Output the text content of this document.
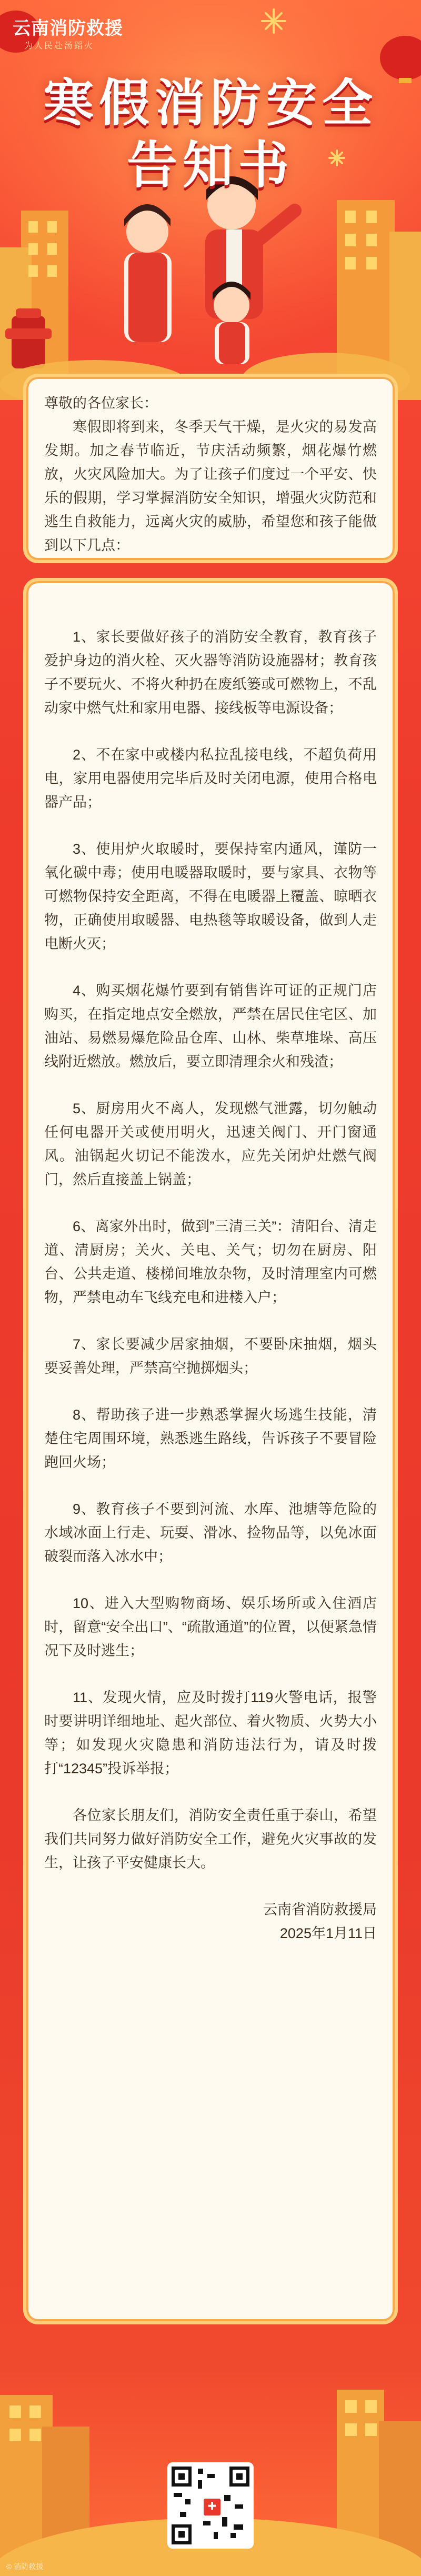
云南消防救援
为人民赴汤蹈火
寒假消防安全
告知书

尊敬的各位家长：

寒假即将到来，冬季天气干燥，是火灾的易发高发期。加之春节临近，节庆活动频繁，烟花爆竹燃放，火灾风险加大。为了让孩子们度过一个平安、快乐的假期，学习掌握消防安全知识，增强火灾防范和逃生自救能力，远离火灾的威胁，希望您和孩子能做到以下几点：

1、家长要做好孩子的消防安全教育，教育孩子爱护身边的消火栓、灭火器等消防设施器材；教育孩子不要玩火、不将火种扔在废纸篓或可燃物上，不乱动家中燃气灶和家用电器、接线板等电源设备；

2、不在家中或楼内私拉乱接电线，不超负荷用电，家用电器使用完毕后及时关闭电源，使用合格电器产品；

3、使用炉火取暖时，要保持室内通风，谨防一氧化碳中毒；使用电暖器取暖时，要与家具、衣物等可燃物保持安全距离，不得在电暖器上覆盖、晾晒衣物，正确使用取暖器、电热毯等取暖设备，做到人走电断火灭；

4、购买烟花爆竹要到有销售许可证的正规门店购买，在指定地点安全燃放，严禁在居民住宅区、加油站、易燃易爆危险品仓库、山林、柴草堆垛、高压线附近燃放。燃放后，要立即清理余火和残渣；

5、厨房用火不离人，发现燃气泄露，切勿触动任何电器开关或使用明火，迅速关阀门、开门窗通风。油锅起火切记不能泼水，应先关闭炉灶燃气阀门，然后直接盖上锅盖；

6、离家外出时，做到”三清三关”：清阳台、清走道、清厨房；关火、关电、关气；切勿在厨房、阳台、公共走道、楼梯间堆放杂物，及时清理室内可燃物，严禁电动车飞线充电和进楼入户；

7、家长要减少居家抽烟，不要卧床抽烟，烟头要妥善处理，严禁高空抛掷烟头；

8、帮助孩子进一步熟悉掌握火场逃生技能，清楚住宅周围环境，熟悉逃生路线，告诉孩子不要冒险跑回火场；

9、教育孩子不要到河流、水库、池塘等危险的水域冰面上行走、玩耍、滑冰、捡物品等，以免冰面破裂而落入冰水中；

10、进入大型购物商场、娱乐场所或入住酒店时，留意“安全出口”、“疏散通道”的位置，以便紧急情况下及时逃生；

11、发现火情，应及时拨打119火警电话，报警时要讲明详细地址、起火部位、着火物质、火势大小等；如发现火灾隐患和消防违法行为，请及时拨打“12345”投诉举报；

各位家长朋友们，消防安全责任重于泰山，希望我们共同努力做好消防安全工作，避免火灾事故的发生，让孩子平安健康长大。

云南省消防救援局

2025年1月11日

✚
© 消防救援
